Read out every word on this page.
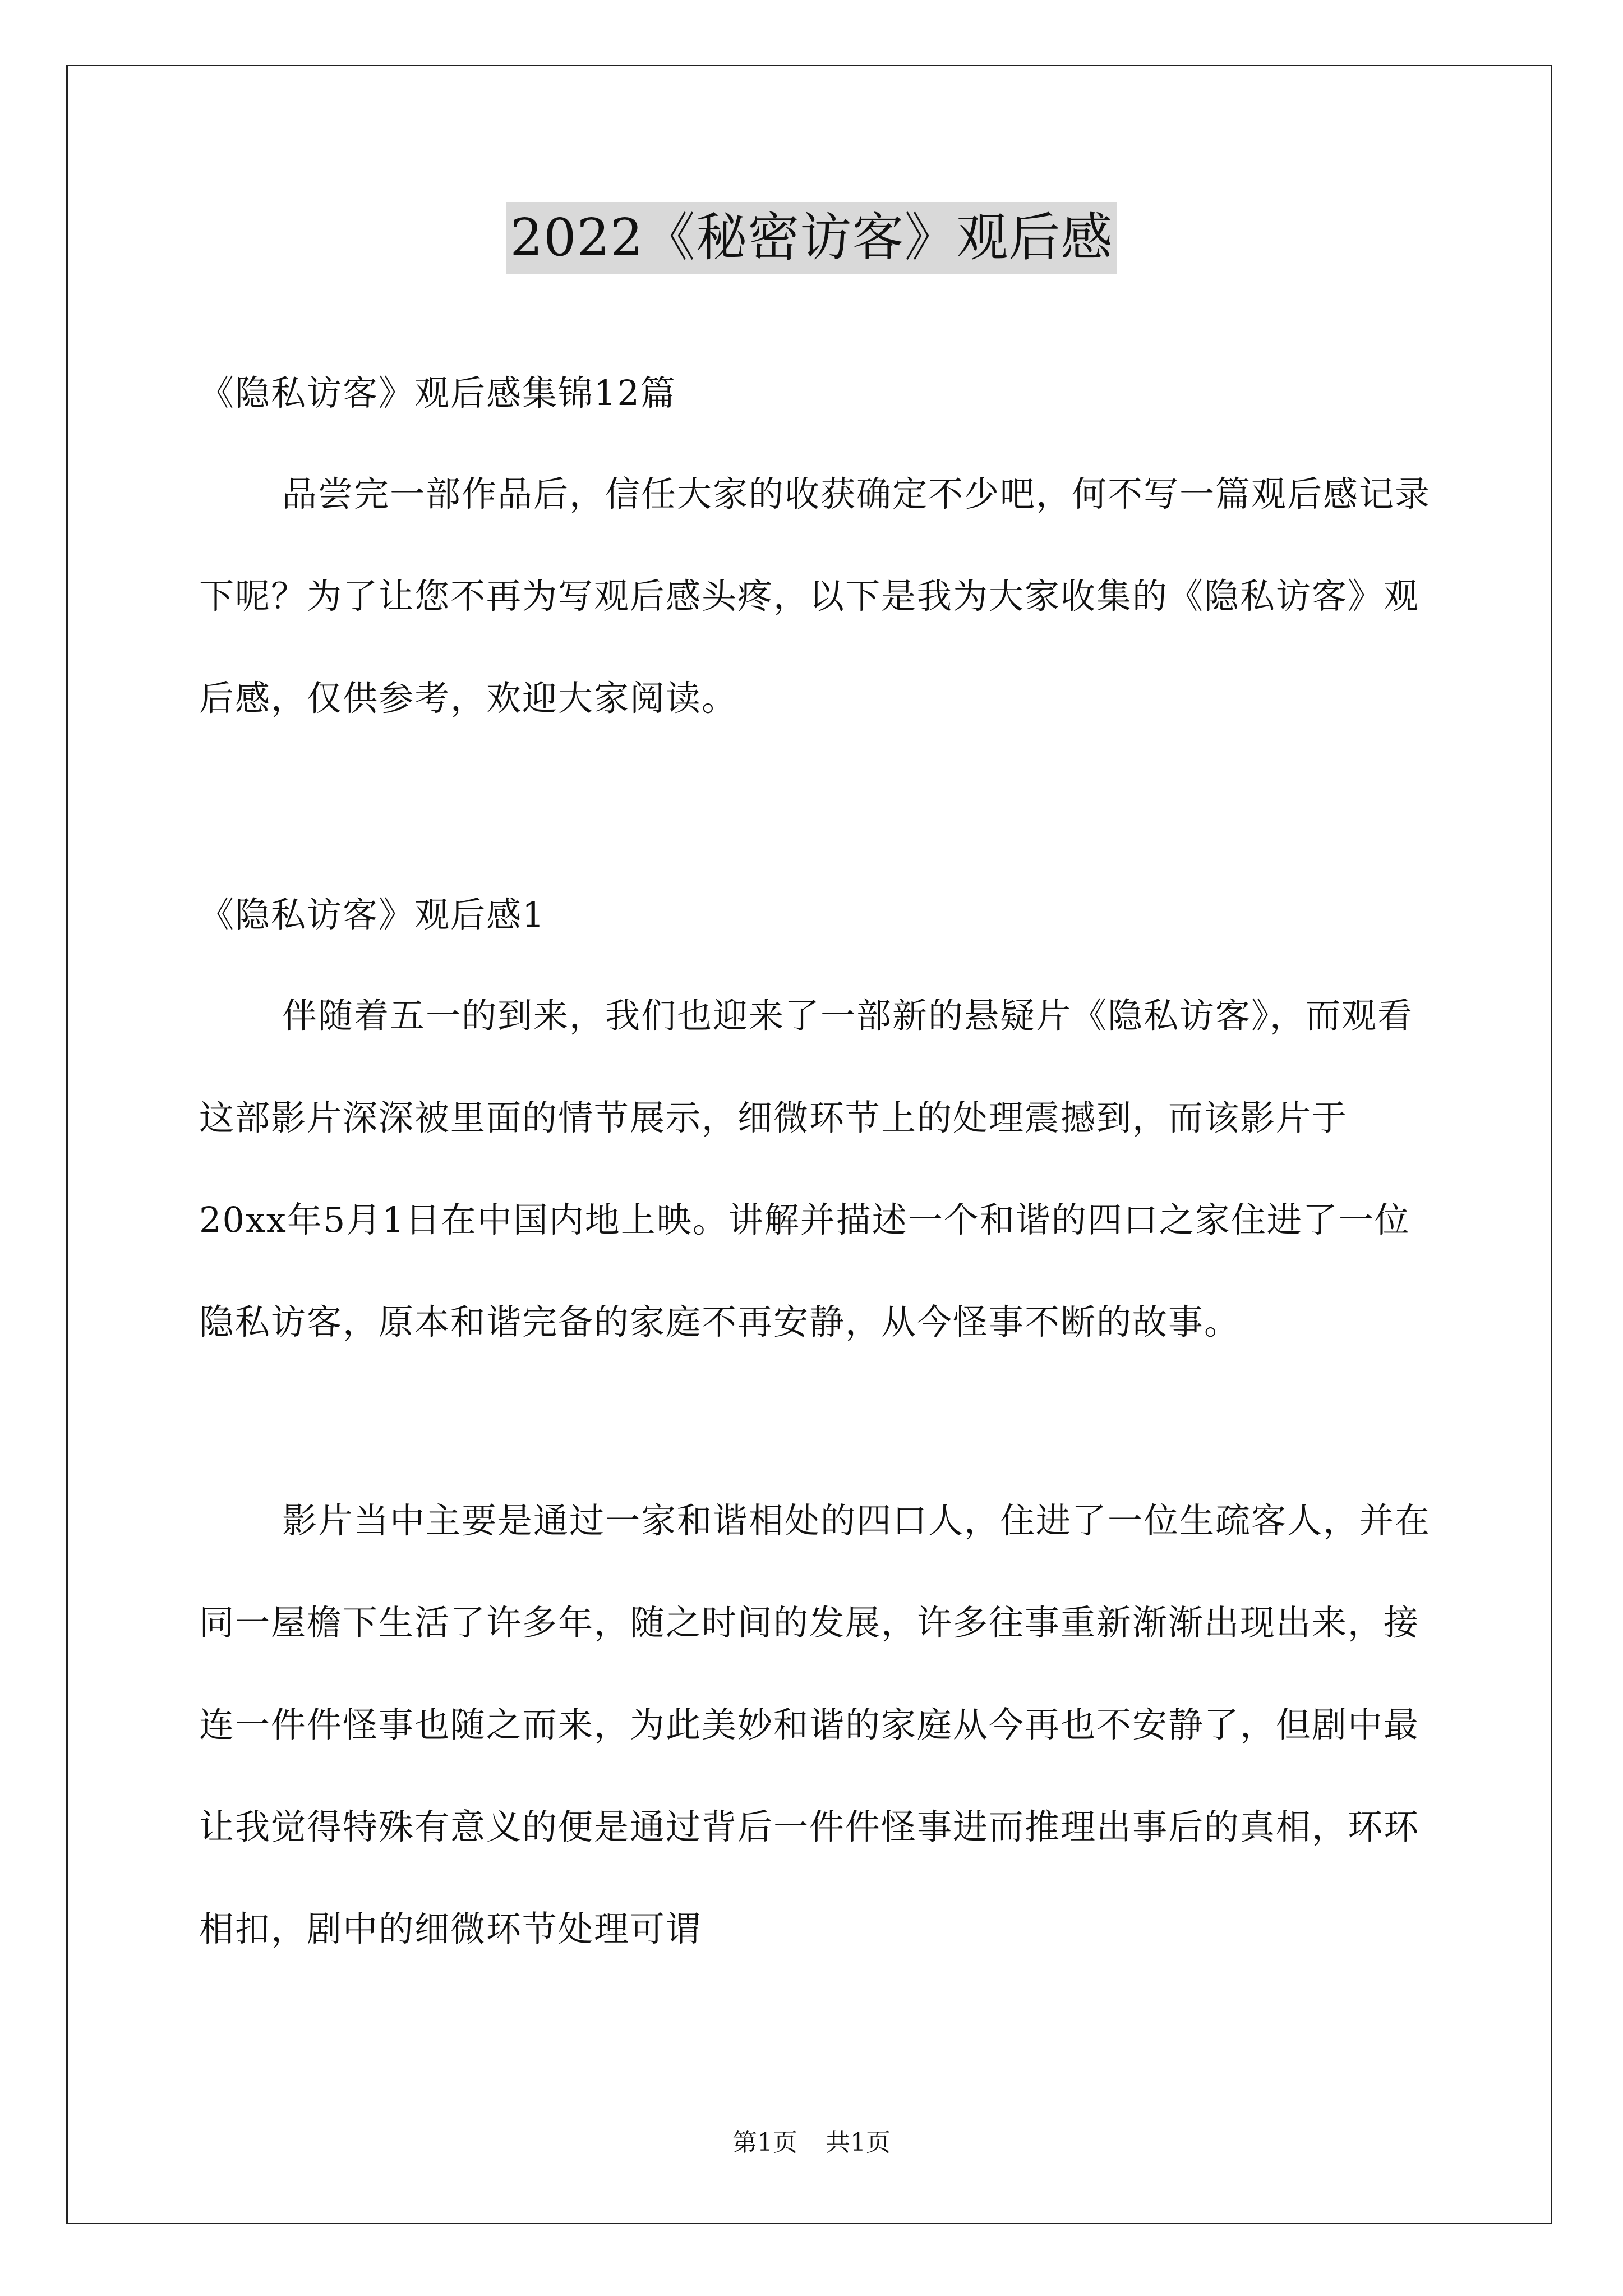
2022《秘密访客》观后感

《隐私访客》观后感集锦12篇

品尝完一部作品后，信任大家的收获确定不少吧，何不写一篇观后感记录下呢？为了让您不再为写观后感头疼，以下是我为大家收集的《隐私访客》观后感，仅供参考，欢迎大家阅读。

《隐私访客》观后感1

伴随着五一的到来，我们也迎来了一部新的悬疑片《隐私访客》，而观看这部影片深深被里面的情节展示，细微环节上的处理震撼到，而该影片于20xx年5月1日在中国内地上映。讲解并描述一个和谐的四口之家住进了一位隐私访客，原本和谐完备的家庭不再安静，从今怪事不断的故事。

影片当中主要是通过一家和谐相处的四口人，住进了一位生疏客人，并在同一屋檐下生活了许多年，随之时间的发展，许多往事重新渐渐出现出来，接连一件件怪事也随之而来，为此美妙和谐的家庭从今再也不安静了，但剧中最让我觉得特殊有意义的便是通过背后一件件怪事进而推理出事后的真相，环环相扣，剧中的细微环节处理可谓

第1页 共1页
